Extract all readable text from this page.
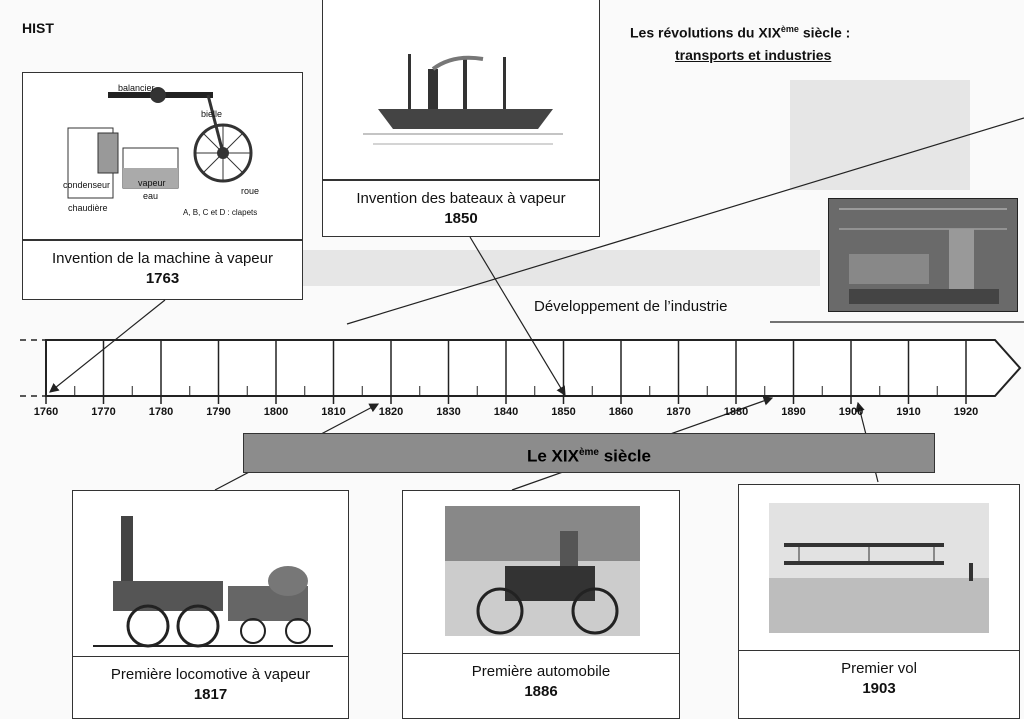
HIST	Les révolutions du XIXème siècle :
transports et industries
balancier
bielle
condenseur	vapeur
eau
chaudière
roue
A, B, C et D : clapets
Invention de la machine à vapeur
1763
Invention des bateaux à vapeur
1850
Développement de l’industrie
1760	1770	1780	1790	1800	1810	1820	1830	1840	1850	1860	1870	1880	1890	1900	1910	1920
Le XIXème siècle
Première locomotive à vapeur
1817
Première automobile
1886
Premier vol
1903
